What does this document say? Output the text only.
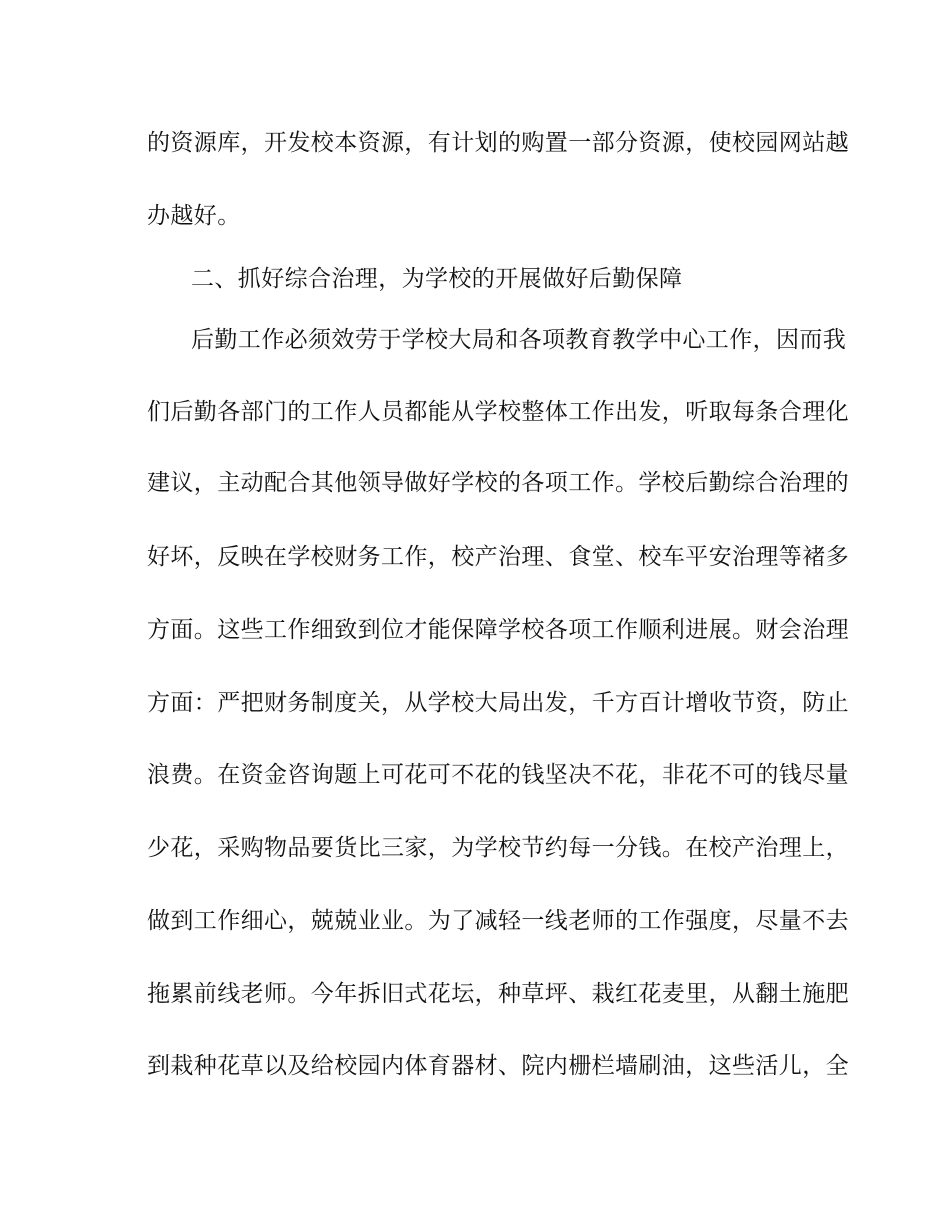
的资源库，开发校本资源，有计划的购置一部分资源，使校园网站越
办越好。
二、抓好综合治理，为学校的开展做好后勤保障
后勤工作必须效劳于学校大局和各项教育教学中心工作，因而我
们后勤各部门的工作人员都能从学校整体工作出发，听取每条合理化
建议，主动配合其他领导做好学校的各项工作。学校后勤综合治理的
好坏，反映在学校财务工作，校产治理、食堂、校车平安治理等褚多
方面。这些工作细致到位才能保障学校各项工作顺利进展。财会治理
方面：严把财务制度关，从学校大局出发，千方百计增收节资，防止
浪费。在资金咨询题上可花可不花的钱坚决不花，非花不可的钱尽量
少花，采购物品要货比三家，为学校节约每一分钱。在校产治理上，
做到工作细心，兢兢业业。为了减轻一线老师的工作强度，尽量不去
拖累前线老师。今年拆旧式花坛，种草坪、栽红花麦里，从翻土施肥
到栽种花草以及给校园内体育器材、院内栅栏墙刷油，这些活儿，全
